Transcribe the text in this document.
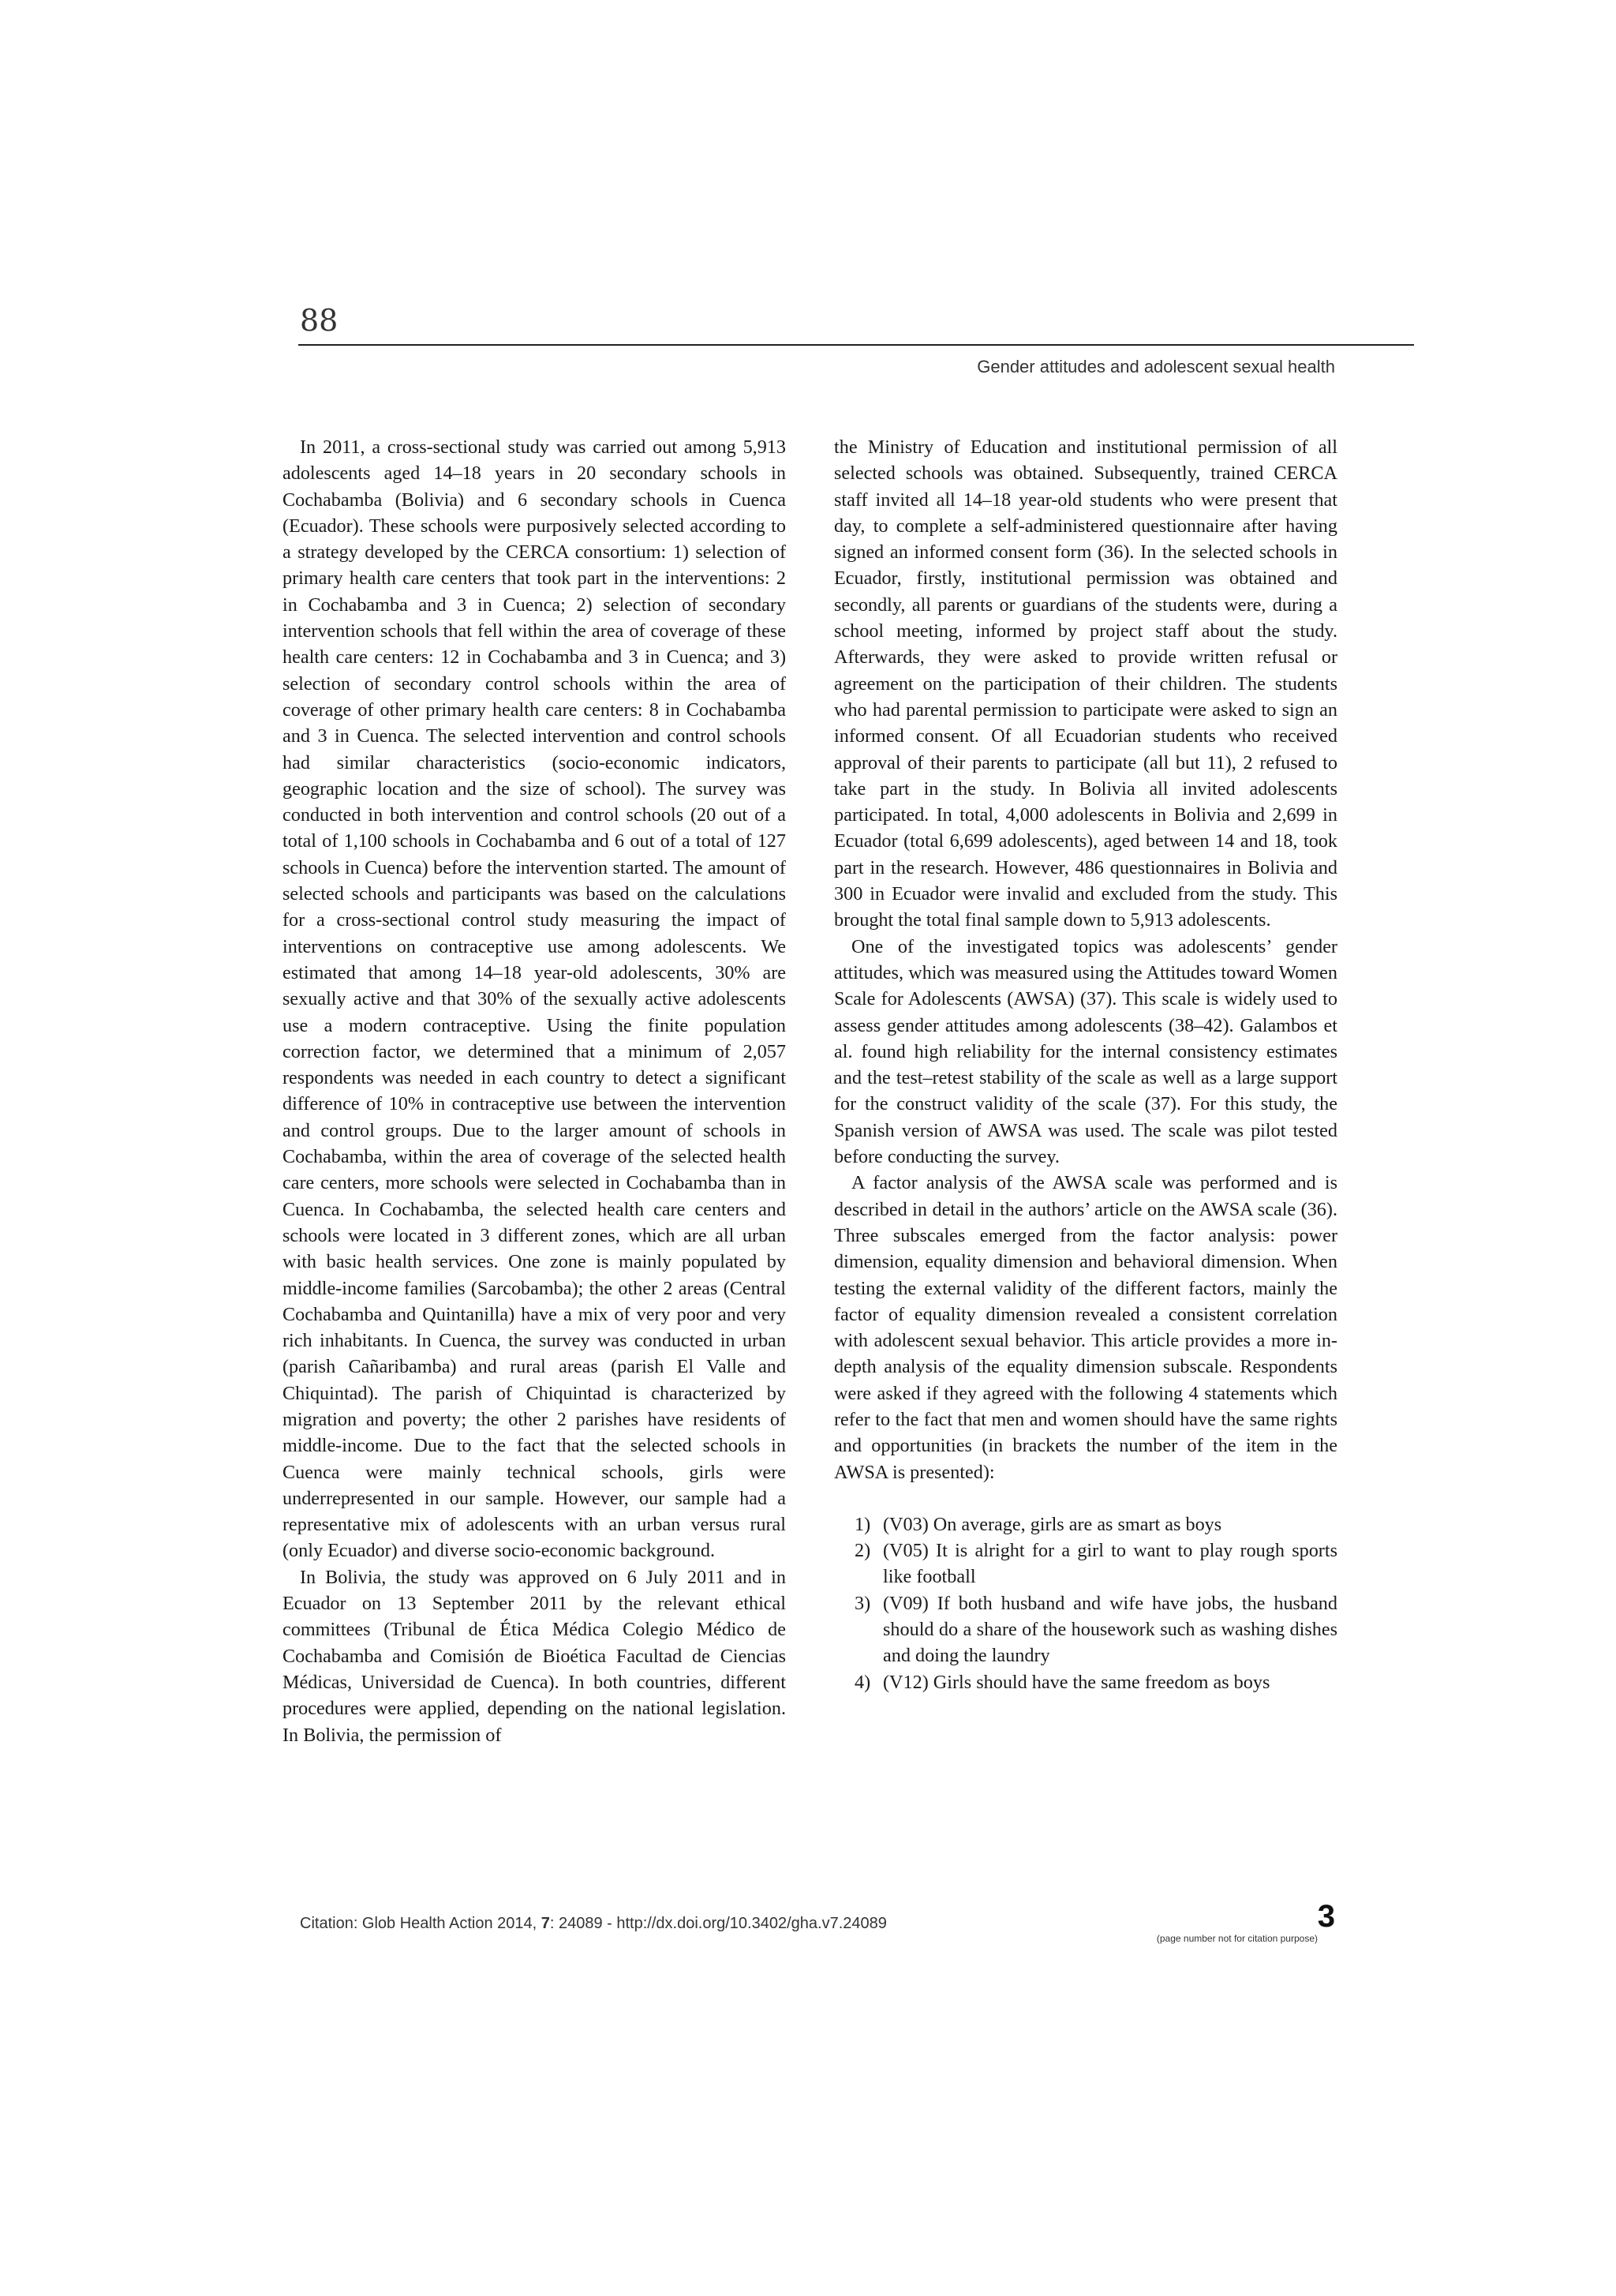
88
Gender attitudes and adolescent sexual health

In 2011, a cross-sectional study was carried out among 5,913 adolescents aged 14–18 years in 20 secondary schools in Cochabamba (Bolivia) and 6 secondary schools in Cuenca (Ecuador). These schools were purposively selected according to a strategy developed by the CERCA consortium: 1) selection of primary health care centers that took part in the interventions: 2 in Cochabamba and 3 in Cuenca; 2) selection of secondary intervention schools that fell within the area of coverage of these health care centers: 12 in Cochabamba and 3 in Cuenca; and 3) selection of secondary control schools within the area of coverage of other primary health care centers: 8 in Cochabamba and 3 in Cuenca. The selected intervention and control schools had similar characteristics (socio-economic indicators, geographic location and the size of school). The survey was conducted in both intervention and control schools (20 out of a total of 1,100 schools in Cochabamba and 6 out of a total of 127 schools in Cuenca) before the intervention started. The amount of selected schools and participants was based on the calculations for a cross-sectional control study measuring the impact of interventions on contraceptive use among adolescents. We estimated that among 14–18 year-old adolescents, 30% are sexually active and that 30% of the sexually active adolescents use a modern contraceptive. Using the finite population correction factor, we determined that a minimum of 2,057 respondents was needed in each country to detect a significant difference of 10% in contraceptive use between the intervention and control groups. Due to the larger amount of schools in Cochabamba, within the area of coverage of the selected health care centers, more schools were selected in Cochabamba than in Cuenca. In Cochabamba, the selected health care centers and schools were located in 3 different zones, which are all urban with basic health services. One zone is mainly populated by middle-income families (Sarcobamba); the other 2 areas (Central Cochabamba and Quintanilla) have a mix of very poor and very rich inhabitants. In Cuenca, the survey was conducted in urban (parish Cañaribamba) and rural areas (parish El Valle and Chiquintad). The parish of Chiquintad is characterized by migration and poverty; the other 2 parishes have residents of middle-income. Due to the fact that the selected schools in Cuenca were mainly technical schools, girls were underrepresented in our sample. However, our sample had a representative mix of adolescents with an urban versus rural (only Ecuador) and diverse socio-economic background.

In Bolivia, the study was approved on 6 July 2011 and in Ecuador on 13 September 2011 by the relevant ethical committees (Tribunal de Ética Médica Colegio Médico de Cochabamba and Comisión de Bioética Facultad de Ciencias Médicas, Universidad de Cuenca). In both countries, different procedures were applied, depending on the national legislation. In Bolivia, the permission of

the Ministry of Education and institutional permission of all selected schools was obtained. Subsequently, trained CERCA staff invited all 14–18 year-old students who were present that day, to complete a self-administered questionnaire after having signed an informed consent form (36). In the selected schools in Ecuador, firstly, institutional permission was obtained and secondly, all parents or guardians of the students were, during a school meeting, informed by project staff about the study. Afterwards, they were asked to provide written refusal or agreement on the participation of their children. The students who had parental permission to participate were asked to sign an informed consent. Of all Ecuadorian students who received approval of their parents to participate (all but 11), 2 refused to take part in the study. In Bolivia all invited adolescents participated. In total, 4,000 adolescents in Bolivia and 2,699 in Ecuador (total 6,699 adolescents), aged between 14 and 18, took part in the research. However, 486 questionnaires in Bolivia and 300 in Ecuador were invalid and excluded from the study. This brought the total final sample down to 5,913 adolescents.

One of the investigated topics was adolescents’ gender attitudes, which was measured using the Attitudes toward Women Scale for Adolescents (AWSA) (37). This scale is widely used to assess gender attitudes among adolescents (38–42). Galambos et al. found high reliability for the internal consistency estimates and the test–retest stability of the scale as well as a large support for the construct validity of the scale (37). For this study, the Spanish version of AWSA was used. The scale was pilot tested before conducting the survey.

A factor analysis of the AWSA scale was performed and is described in detail in the authors’ article on the AWSA scale (36). Three subscales emerged from the factor analysis: power dimension, equality dimension and behavioral dimension. When testing the external validity of the different factors, mainly the factor of equality dimension revealed a consistent correlation with adolescent sexual behavior. This article provides a more in-depth analysis of the equality dimension subscale. Respondents were asked if they agreed with the following 4 statements which refer to the fact that men and women should have the same rights and opportunities (in brackets the number of the item in the AWSA is presented):

1) (V03) On average, girls are as smart as boys
2) (V05) It is alright for a girl to want to play rough sports like football
3) (V09) If both husband and wife have jobs, the husband should do a share of the housework such as washing dishes and doing the laundry
4) (V12) Girls should have the same freedom as boys
Citation: Glob Health Action 2014, 7: 24089 - http://dx.doi.org/10.3402/gha.v7.24089	3
(page number not for citation purpose)
